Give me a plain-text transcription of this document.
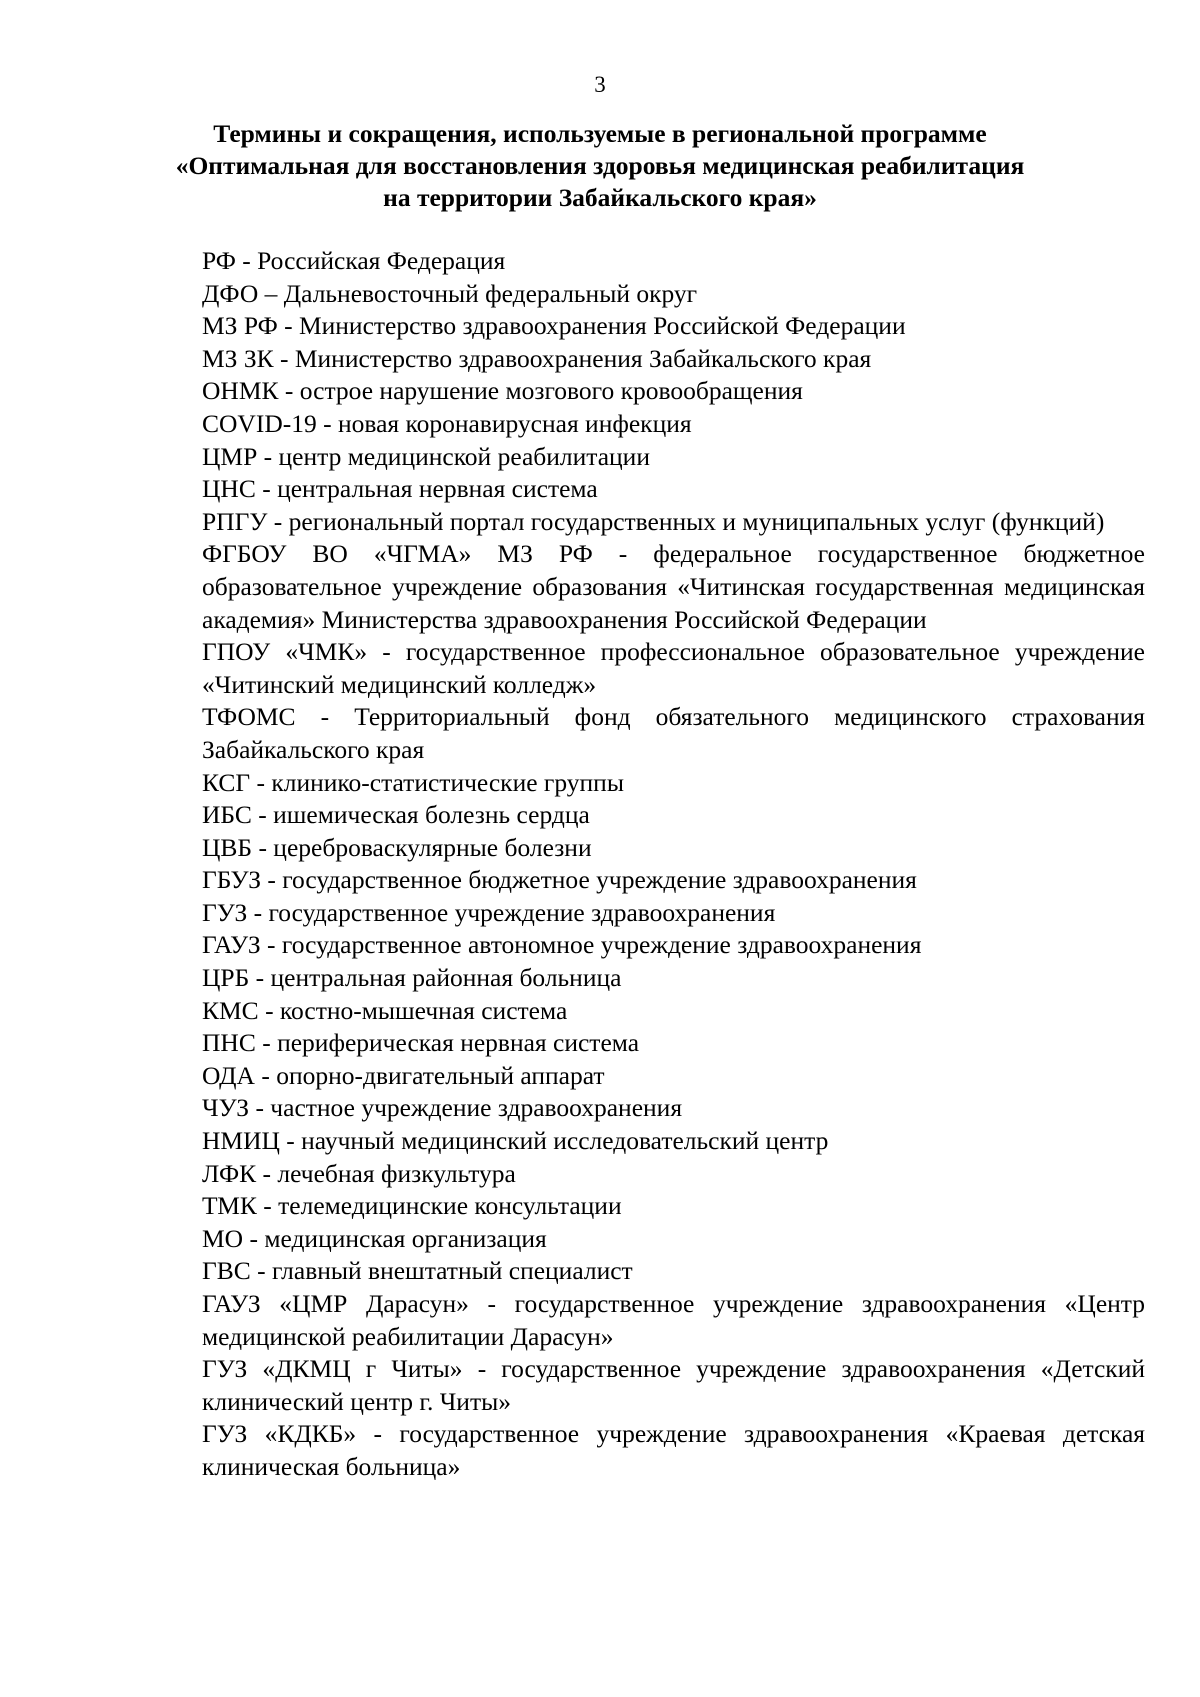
3
Термины и сокращения, используемые в региональной программе
«Оптимальная для восстановления здоровья медицинская реабилитация
на территории Забайкальского края»
РФ - Российская Федерация
ДФО – Дальневосточный федеральный округ
МЗ РФ - Министерство здравоохранения Российской Федерации
МЗ ЗК - Министерство здравоохранения Забайкальского края
ОНМК - острое нарушение мозгового кровообращения
COVID-19 - новая коронавирусная инфекция
ЦМР - центр медицинской реабилитации
ЦНС - центральная нервная система
РПГУ - региональный портал государственных и муниципальных услуг (функций)
ФГБОУ ВО «ЧГМА» МЗ РФ - федеральное государственное бюджетное образовательное учреждение образования «Читинская государственная медицинская академия» Министерства здравоохранения Российской Федерации
ГПОУ «ЧМК» - государственное профессиональное образовательное учреждение «Читинский медицинский колледж»
ТФОМС - Территориальный фонд обязательного медицинского страхования Забайкальского края
КСГ - клинико-статистические группы
ИБС - ишемическая болезнь сердца
ЦВБ - цереброваскулярные болезни
ГБУЗ - государственное бюджетное учреждение здравоохранения
ГУЗ - государственное учреждение здравоохранения
ГАУЗ - государственное автономное учреждение здравоохранения
ЦРБ - центральная районная больница
КМС - костно-мышечная система
ПНС - периферическая нервная система
ОДА - опорно-двигательный аппарат
ЧУЗ - частное учреждение здравоохранения
НМИЦ - научный медицинский исследовательский центр
ЛФК - лечебная физкультура
ТМК - телемедицинские консультации
МО - медицинская организация
ГВС - главный внештатный специалист
ГАУЗ «ЦМР Дарасун» - государственное учреждение здравоохранения «Центр медицинской реабилитации Дарасун»
ГУЗ «ДКМЦ г Читы» - государственное учреждение здравоохранения «Детский клинический центр г. Читы»
ГУЗ «КДКБ» - государственное учреждение здравоохранения «Краевая детская клиническая больница»
